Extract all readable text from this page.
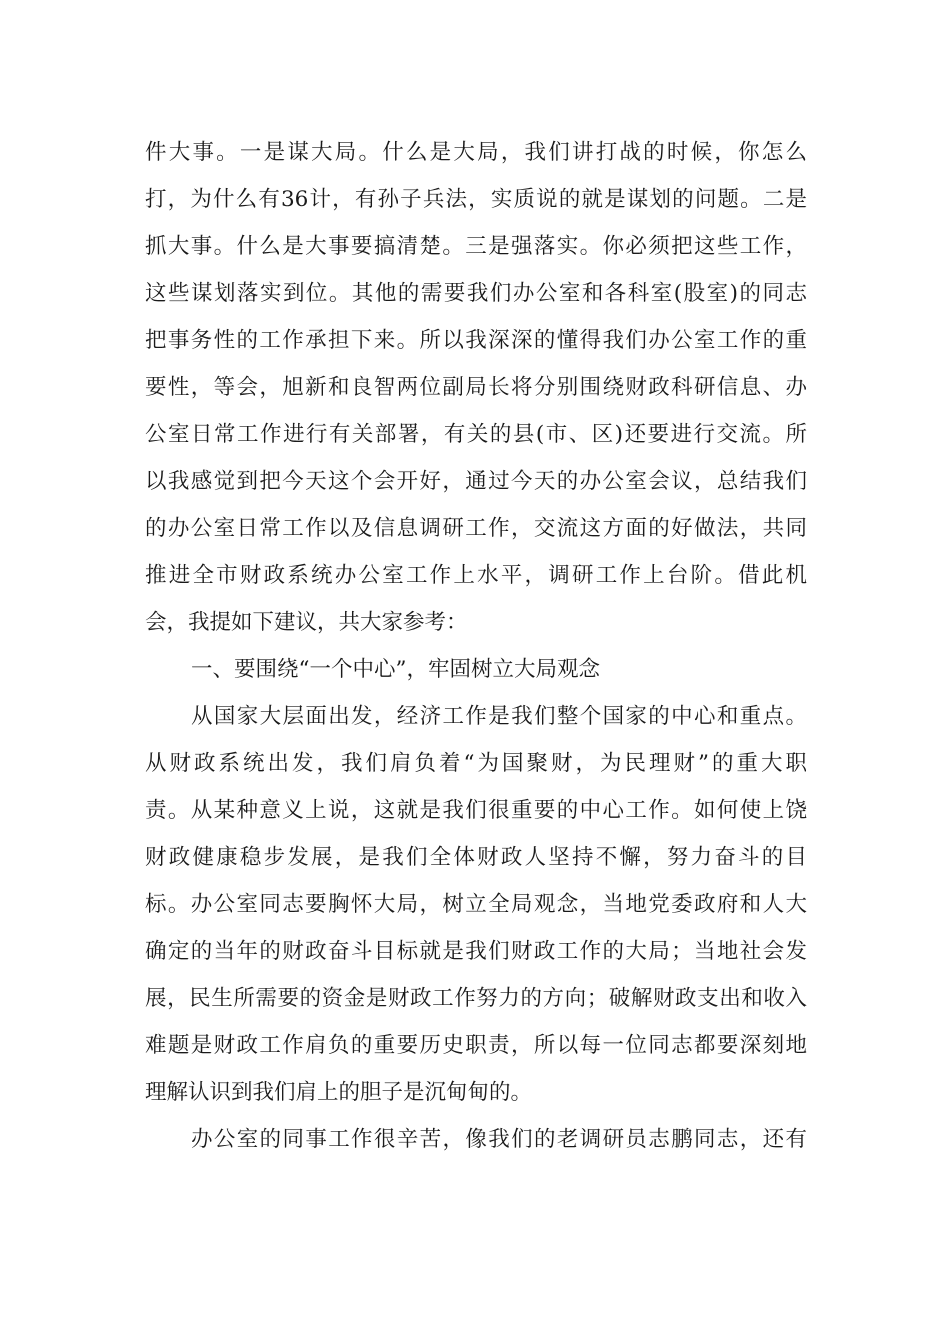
件大事。一是谋大局。什么是大局，我们讲打战的时候，你怎么
打，为什么有36计，有孙子兵法，实质说的就是谋划的问题。二是
抓大事。什么是大事要搞清楚。三是强落实。你必须把这些工作，
这些谋划落实到位。其他的需要我们办公室和各科室(股室)的同志
把事务性的工作承担下来。所以我深深的懂得我们办公室工作的重
要性，等会，旭新和良智两位副局长将分别围绕财政科研信息、办
公室日常工作进行有关部署，有关的县(市、区)还要进行交流。所
以我感觉到把今天这个会开好，通过今天的办公室会议，总结我们
的办公室日常工作以及信息调研工作，交流这方面的好做法，共同
推进全市财政系统办公室工作上水平，调研工作上台阶。借此机
会，我提如下建议，共大家参考：
一、要围绕“一个中心”，牢固树立大局观念
从国家大层面出发，经济工作是我们整个国家的中心和重点。
从财政系统出发，我们肩负着“为国聚财，为民理财”的重大职
责。从某种意义上说，这就是我们很重要的中心工作。如何使上饶
财政健康稳步发展，是我们全体财政人坚持不懈，努力奋斗的目
标。办公室同志要胸怀大局，树立全局观念，当地党委政府和人大
确定的当年的财政奋斗目标就是我们财政工作的大局；当地社会发
展，民生所需要的资金是财政工作努力的方向；破解财政支出和收入
难题是财政工作肩负的重要历史职责，所以每一位同志都要深刻地
理解认识到我们肩上的胆子是沉甸甸的。
办公室的同事工作很辛苦，像我们的老调研员志鹏同志，还有
